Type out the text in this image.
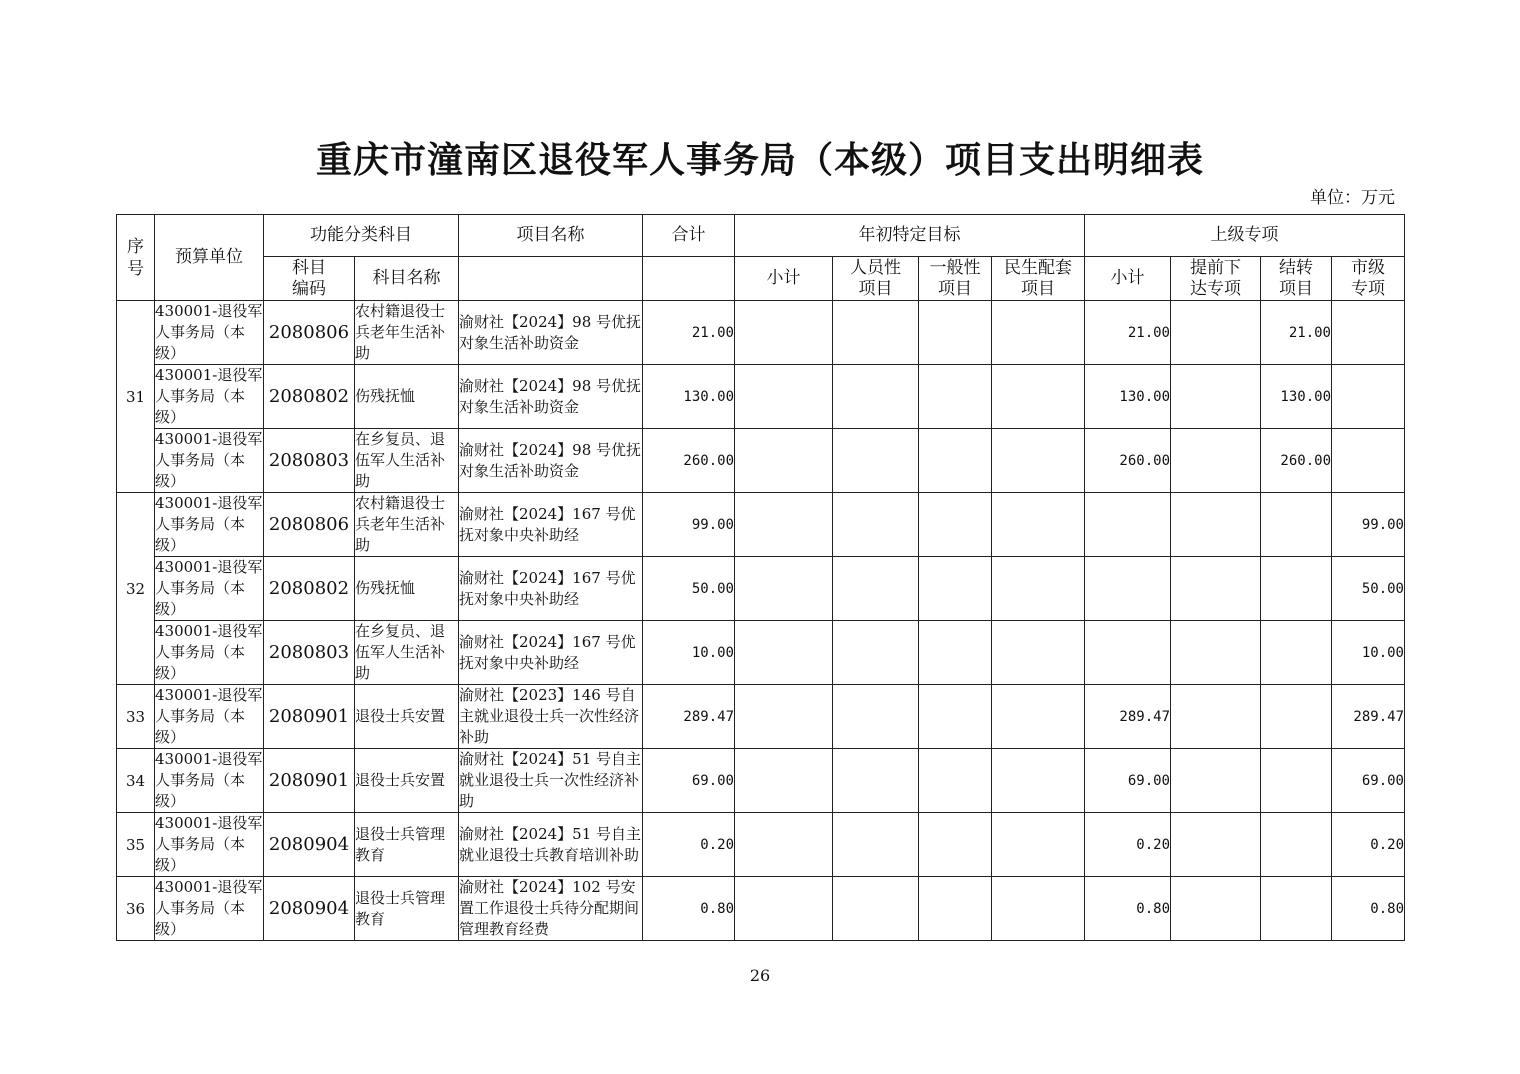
重庆市潼南区退役军人事务局（本级）项目支出明细表
单位：万元
序号	预算单位	功能分类科目		项目名称	合计	年初特定目标				上级专项			
		科目编码	科目名称			小计	人员性项目	一般性项目	民生配套项目	小计	提前下达专项	结转项目	市级专项
31	430001-退役军人事务局（本级）	2080806	农村籍退役士兵老年生活补助	渝财社【2024】98 号优抚对象生活补助资金	21.00					21.00		21.00	
	430001-退役军人事务局（本级）	2080802	伤残抚恤	渝财社【2024】98 号优抚对象生活补助资金	130.00					130.00		130.00	
	430001-退役军人事务局（本级）	2080803	在乡复员、退伍军人生活补助	渝财社【2024】98 号优抚对象生活补助资金	260.00					260.00		260.00	
32	430001-退役军人事务局（本级）	2080806	农村籍退役士兵老年生活补助	渝财社【2024】167 号优抚对象中央补助经	99.00								99.00
	430001-退役军人事务局（本级）	2080802	伤残抚恤	渝财社【2024】167 号优抚对象中央补助经	50.00								50.00
	430001-退役军人事务局（本级）	2080803	在乡复员、退伍军人生活补助	渝财社【2024】167 号优抚对象中央补助经	10.00								10.00
33	430001-退役军人事务局（本级）	2080901	退役士兵安置	渝财社【2023】146 号自主就业退役士兵一次性经济补助	289.47					289.47			289.47
34	430001-退役军人事务局（本级）	2080901	退役士兵安置	渝财社【2024】51 号自主就业退役士兵一次性经济补助	69.00					69.00			69.00
35	430001-退役军人事务局（本级）	2080904	退役士兵管理教育	渝财社【2024】51 号自主就业退役士兵教育培训补助	0.20					0.20			0.20
36	430001-退役军人事务局（本级）	2080904	退役士兵管理教育	渝财社【2024】102 号安置工作退役士兵待分配期间管理教育经费	0.80					0.80			0.80
26
